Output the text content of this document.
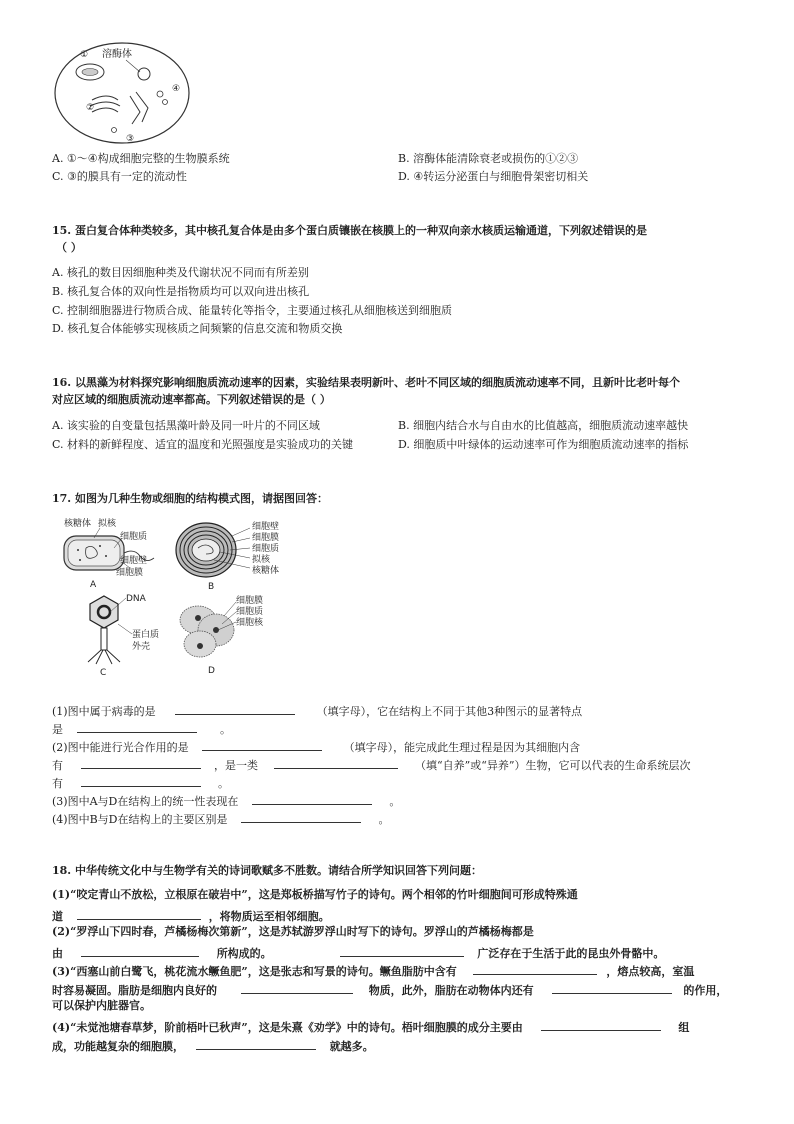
① 溶酶体
②
③
④
A. ①～④构成细胞完整的生物膜系统	B. 溶酶体能清除衰老或损伤的①②③
C. ③的膜具有一定的流动性	D. ④转运分泌蛋白与细胞骨架密切相关
15. 蛋白复合体种类较多，其中核孔复合体是由多个蛋白质镶嵌在核膜上的一种双向亲水核质运输通道，下列叙述错误的是
（ ）
A. 核孔的数目因细胞种类及代谢状况不同而有所差别
B. 核孔复合体的双向性是指物质均可以双向进出核孔
C. 控制细胞器进行物质合成、能量转化等指令，主要通过核孔从细胞核送到细胞质
D. 核孔复合体能够实现核质之间频繁的信息交流和物质交换
16. 以黑藻为材料探究影响细胞质流动速率的因素，实验结果表明新叶、老叶不同区域的细胞质流动速率不同，且新叶比老叶每个
对应区域的细胞质流动速率都高。下列叙述错误的是（ ）
A. 该实验的自变量包括黑藻叶龄及同一叶片的不同区域	B. 细胞内结合水与自由水的比值越高，细胞质流动速率越快
C. 材料的新鲜程度、适宜的温度和光照强度是实验成功的关键	D. 细胞质中叶绿体的运动速率可作为细胞质流动速率的指标
17. 如图为几种生物或细胞的结构模式图，请据图回答：
核糖体 拟核
细胞质
细胞壁
细胞膜
A
细胞壁
细胞膜
细胞质
拟核
核糖体
B
DNA
蛋白质
外壳
C
细胞膜
细胞质
细胞核
D
(1)图中属于病毒的是	（填字母），它在结构上不同于其他3种图示的显著特点
是	。
(2)图中能进行光合作用的是	（填字母），能完成此生理过程是因为其细胞内含
有	，是一类	（填“自养”或“异养”）生物，它可以代表的生命系统层次
有	。
(3)图中A与D在结构上的统一性表现在	。
(4)图中B与D在结构上的主要区别是	。
18. 中华传统文化中与生物学有关的诗词歌赋多不胜数。请结合所学知识回答下列问题：
(1)“咬定青山不放松，立根原在破岩中”，这是郑板桥描写竹子的诗句。两个相邻的竹叶细胞间可形成特殊通
道	，将物质运至相邻细胞。
(2)“罗浮山下四时春，芦橘杨梅次第新”，这是苏轼游罗浮山时写下的诗句。罗浮山的芦橘杨梅都是
由	所构成的。	广泛存在于生活于此的昆虫外骨骼中。
(3)“西塞山前白鹭飞，桃花流水鳜鱼肥”，这是张志和写景的诗句。鳜鱼脂肪中含有	，熔点较高，室温
时容易凝固。脂肪是细胞内良好的	物质，此外，脂肪在动物体内还有	的作用，
可以保护内脏器官。
(4)“未觉池塘春草梦，阶前梧叶已秋声”，这是朱熹《劝学》中的诗句。梧叶细胞膜的成分主要由	组
成，功能越复杂的细胞膜，	就越多。
